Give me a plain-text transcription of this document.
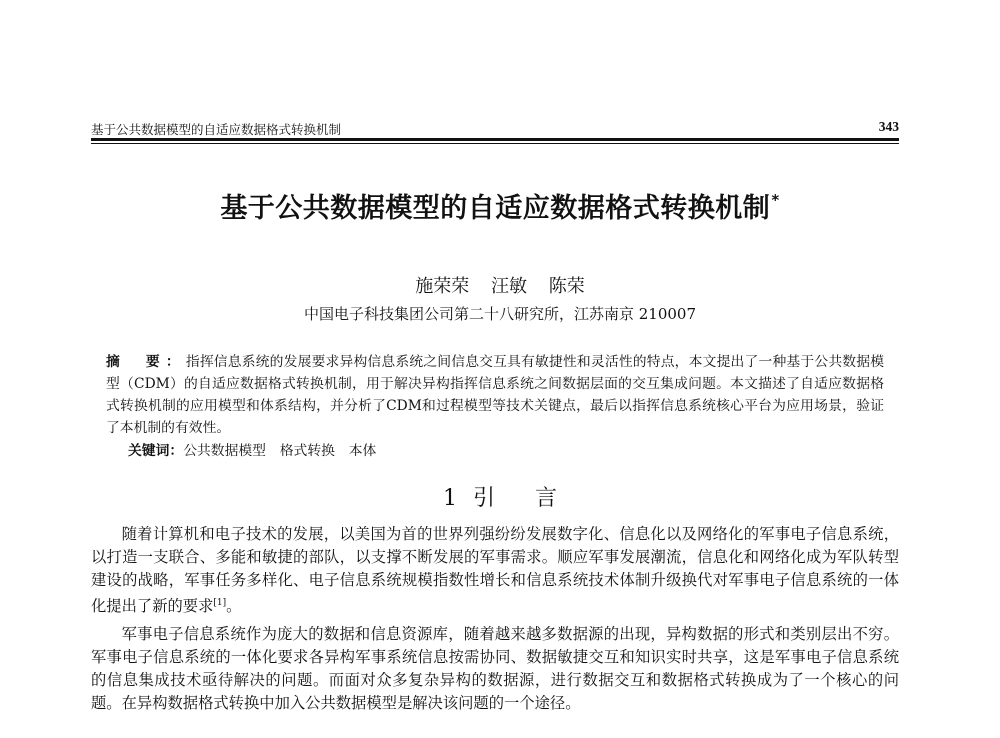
基于公共数据模型的自适应数据格式转换机制	343
基于公共数据模型的自适应数据格式转换机制*
施荣荣 汪敏 陈荣
中国电子科技集团公司第二十八研究所，江苏南京 210007
摘　要：指挥信息系统的发展要求异构信息系统之间信息交互具有敏捷性和灵活性的特点，本文提出了一种基于公共数据模型（CDM）的自适应数据格式转换机制，用于解决异构指挥信息系统之间数据层面的交互集成问题。本文描述了自适应数据格式转换机制的应用模型和体系结构，并分析了CDM和过程模型等技术关键点，最后以指挥信息系统核心平台为应用场景，验证了本机制的有效性。
关键词：公共数据模型　格式转换　本体
1 引言

随着计算机和电子技术的发展，以美国为首的世界列强纷纷发展数字化、信息化以及网络化的军事电子信息系统，以打造一支联合、多能和敏捷的部队，以支撑不断发展的军事需求。顺应军事发展潮流，信息化和网络化成为军队转型建设的战略，军事任务多样化、电子信息系统规模指数性增长和信息系统技术体制升级换代对军事电子信息系统的一体化提出了新的要求[1]。

军事电子信息系统作为庞大的数据和信息资源库，随着越来越多数据源的出现，异构数据的形式和类别层出不穷。军事电子信息系统的一体化要求各异构军事系统信息按需协同、数据敏捷交互和知识实时共享，这是军事电子信息系统的信息集成技术亟待解决的问题。而面对众多复杂异构的数据源，进行数据交互和数据格式转换成为了一个核心的问题。在异构数据格式转换中加入公共数据模型是解决该问题的一个途径。
